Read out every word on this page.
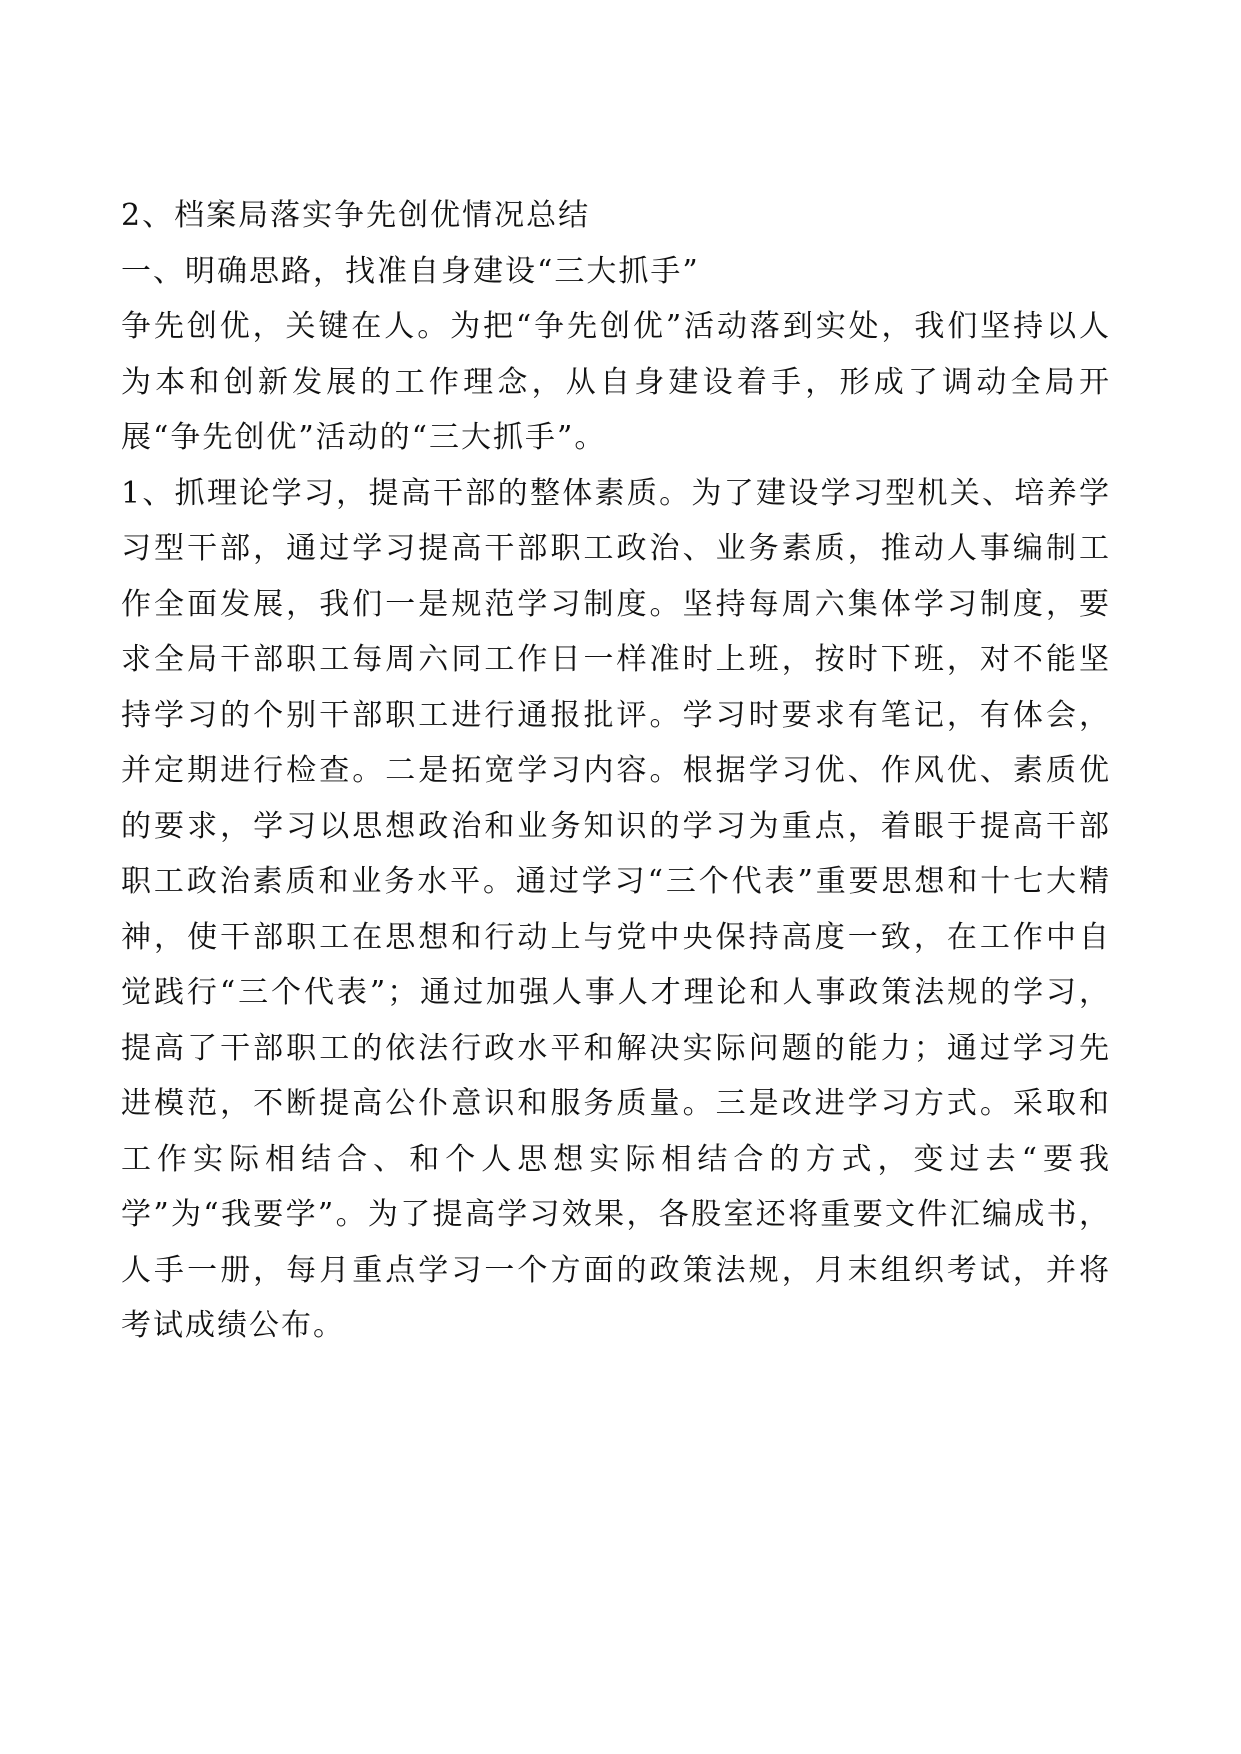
2、档案局落实争先创优情况总结

一、明确思路，找准自身建设“三大抓手”

争先创优，关键在人。为把“争先创优”活动落到实处，我们坚持以人为本和创新发展的工作理念，从自身建设着手，形成了调动全局开展“争先创优”活动的“三大抓手”。

1、抓理论学习，提高干部的整体素质。为了建设学习型机关、培养学习型干部，通过学习提高干部职工政治、业务素质，推动人事编制工作全面发展，我们一是规范学习制度。坚持每周六集体学习制度，要求全局干部职工每周六同工作日一样准时上班，按时下班，对不能坚持学习的个别干部职工进行通报批评。学习时要求有笔记，有体会，并定期进行检查。二是拓宽学习内容。根据学习优、作风优、素质优的要求，学习以思想政治和业务知识的学习为重点，着眼于提高干部职工政治素质和业务水平。通过学习“三个代表”重要思想和十七大精神，使干部职工在思想和行动上与党中央保持高度一致，在工作中自觉践行“三个代表”；通过加强人事人才理论和人事政策法规的学习，提高了干部职工的依法行政水平和解决实际问题的能力；通过学习先进模范，不断提高公仆意识和服务质量。三是改进学习方式。采取和工作实际相结合、和个人思想实际相结合的方式，变过去“要我学”为“我要学”。为了提高学习效果，各股室还将重要文件汇编成书，人手一册，每月重点学习一个方面的政策法规，月末组织考试，并将考试成绩公布。
